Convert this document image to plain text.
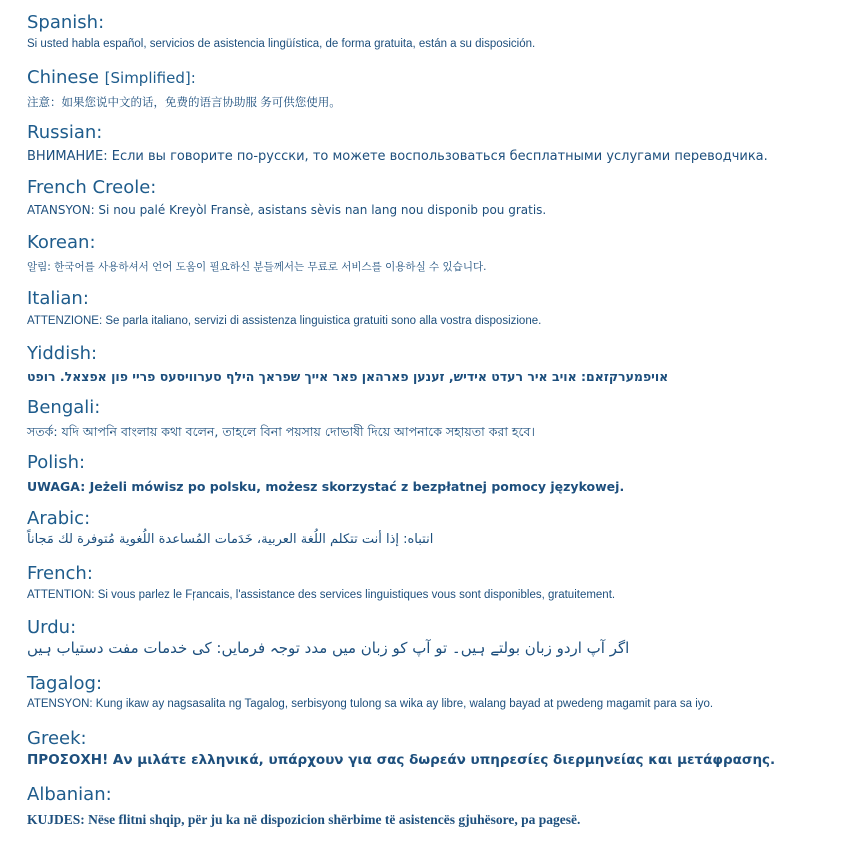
Spanish:
Si usted habla español, servicios de asistencia lingüística, de forma gratuita, están a su disposición.
Chinese [Simplified]:
注意：如果您说中文的话，免费的语言协助服 务可供您使用。
Russian:
ВНИМАНИЕ: Если вы говорите по-русски, то можете воспользоваться бесплатными услугами переводчика.
French Creole:
ATANSYON: Si nou palé Kreyòl Fransè, asistans sèvis nan lang nou disponib pou gratis.
Korean:
알림: 한국어를 사용하셔서 언어 도움이 필요하신 분들께서는 무료로 서비스를 이용하실 수 있습니다.
Italian:
ATTENZIONE: Se parla italiano, servizi di assistenza linguistica gratuiti sono alla vostra disposizione.
Yiddish:
אויפמערקזאם: אויב איר רעדט אידיש, זענען פארהאן פאר אייך שפראך הילף סערוויסעס פריי פון אפצאל. רופט
Bengali:
সতর্ক: যদি আপনি বাংলায় কথা বলেন, তাহলে বিনা পয়সায় দোভাষী দিয়ে আপনাকে সহায়তা করা হবে।
Polish:
UWAGA: Jeżeli mówisz po polsku, możesz skorzystać z bezpłatnej pomocy językowej.
Arabic:
انتباه: إذا أنت تتكلم اللُغة العربية، خَدَمات المُساعدة اللُغوية مُتوفرة لك مَجاناً
French:
ATTENTION: Si vous parlez le Fŗancais, l'assistance des services linguistiques vous sont disponibles, gratuitement.
Urdu:
اگر آپ اردو زبان بولتے ہیں۔ تو آپ کو زبان میں مدد توجہ فرمایں: کی خدمات مفت دستیاب ہیں
Tagalog:
ATENSYON: Kung ikaw ay nagsasalita ng Tagalog, serbisyong tulong sa wika ay libre, walang bayad at pwedeng magamit para sa iyo.
Greek:
ΠΡΟΣΟΧΗ! Αν μιλάτε ελληνικά, υπάρχουν για σας δωρεάν υπηρεσίες διερμηνείας και μετάφρασης.
Albanian:
KUJDES: Nëse flitni shqip, për ju ka në dispozicion shërbime të asistencës gjuhësore, pa pagesë.
